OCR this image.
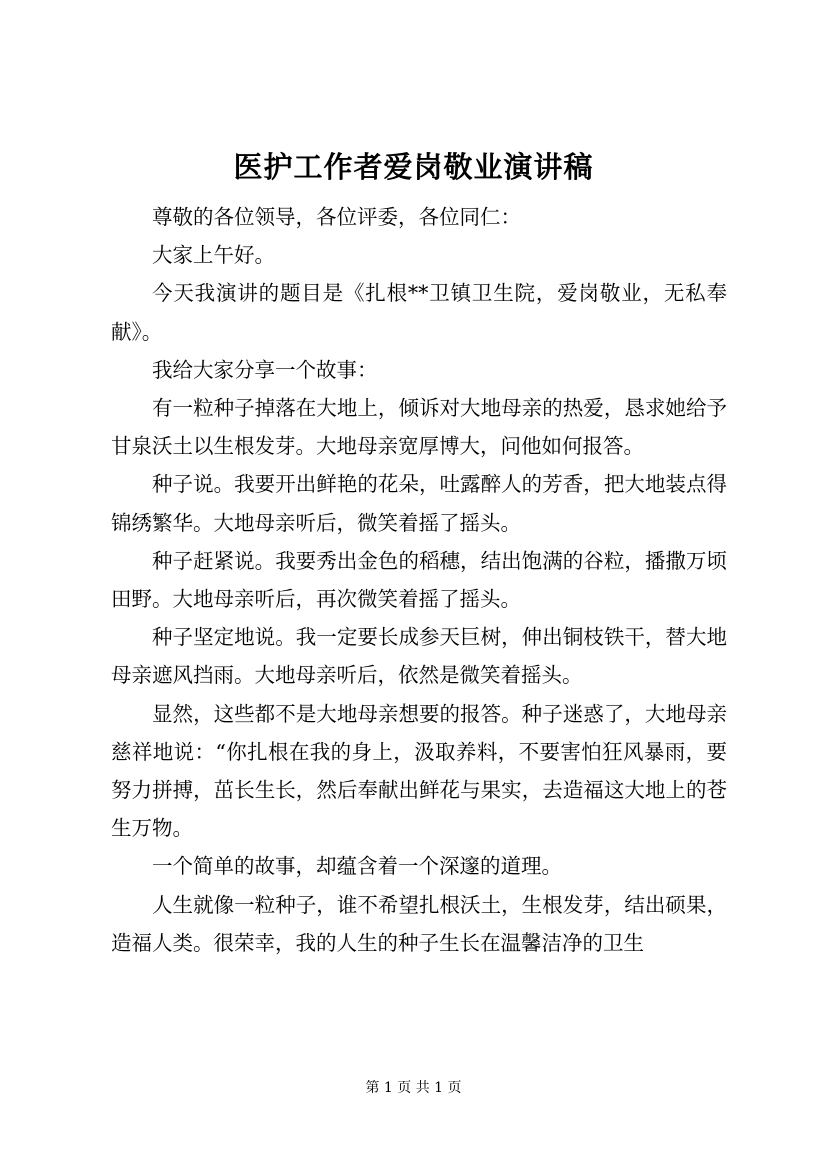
医护工作者爱岗敬业演讲稿

尊敬的各位领导，各位评委，各位同仁：

大家上午好。

今天我演讲的题目是《扎根**卫镇卫生院，爱岗敬业，无私奉献》。

我给大家分享一个故事：

有一粒种子掉落在大地上，倾诉对大地母亲的热爱，恳求她给予甘泉沃土以生根发芽。大地母亲宽厚博大，问他如何报答。

种子说。我要开出鲜艳的花朵，吐露醉人的芳香，把大地装点得锦绣繁华。大地母亲听后，微笑着摇了摇头。

种子赶紧说。我要秀出金色的稻穗，结出饱满的谷粒，播撒万顷田野。大地母亲听后，再次微笑着摇了摇头。

种子坚定地说。我一定要长成参天巨树，伸出铜枝铁干，替大地母亲遮风挡雨。大地母亲听后，依然是微笑着摇头。

显然，这些都不是大地母亲想要的报答。种子迷惑了，大地母亲慈祥地说：“你扎根在我的身上，汲取养料，不要害怕狂风暴雨，要努力拼搏，茁长生长，然后奉献出鲜花与果实，去造福这大地上的苍生万物。

一个简单的故事，却蕴含着一个深邃的道理。

人生就像一粒种子，谁不希望扎根沃土，生根发芽，结出硕果，造福人类。很荣幸，我的人生的种子生长在温馨洁净的卫生

第 1 页 共 1 页
